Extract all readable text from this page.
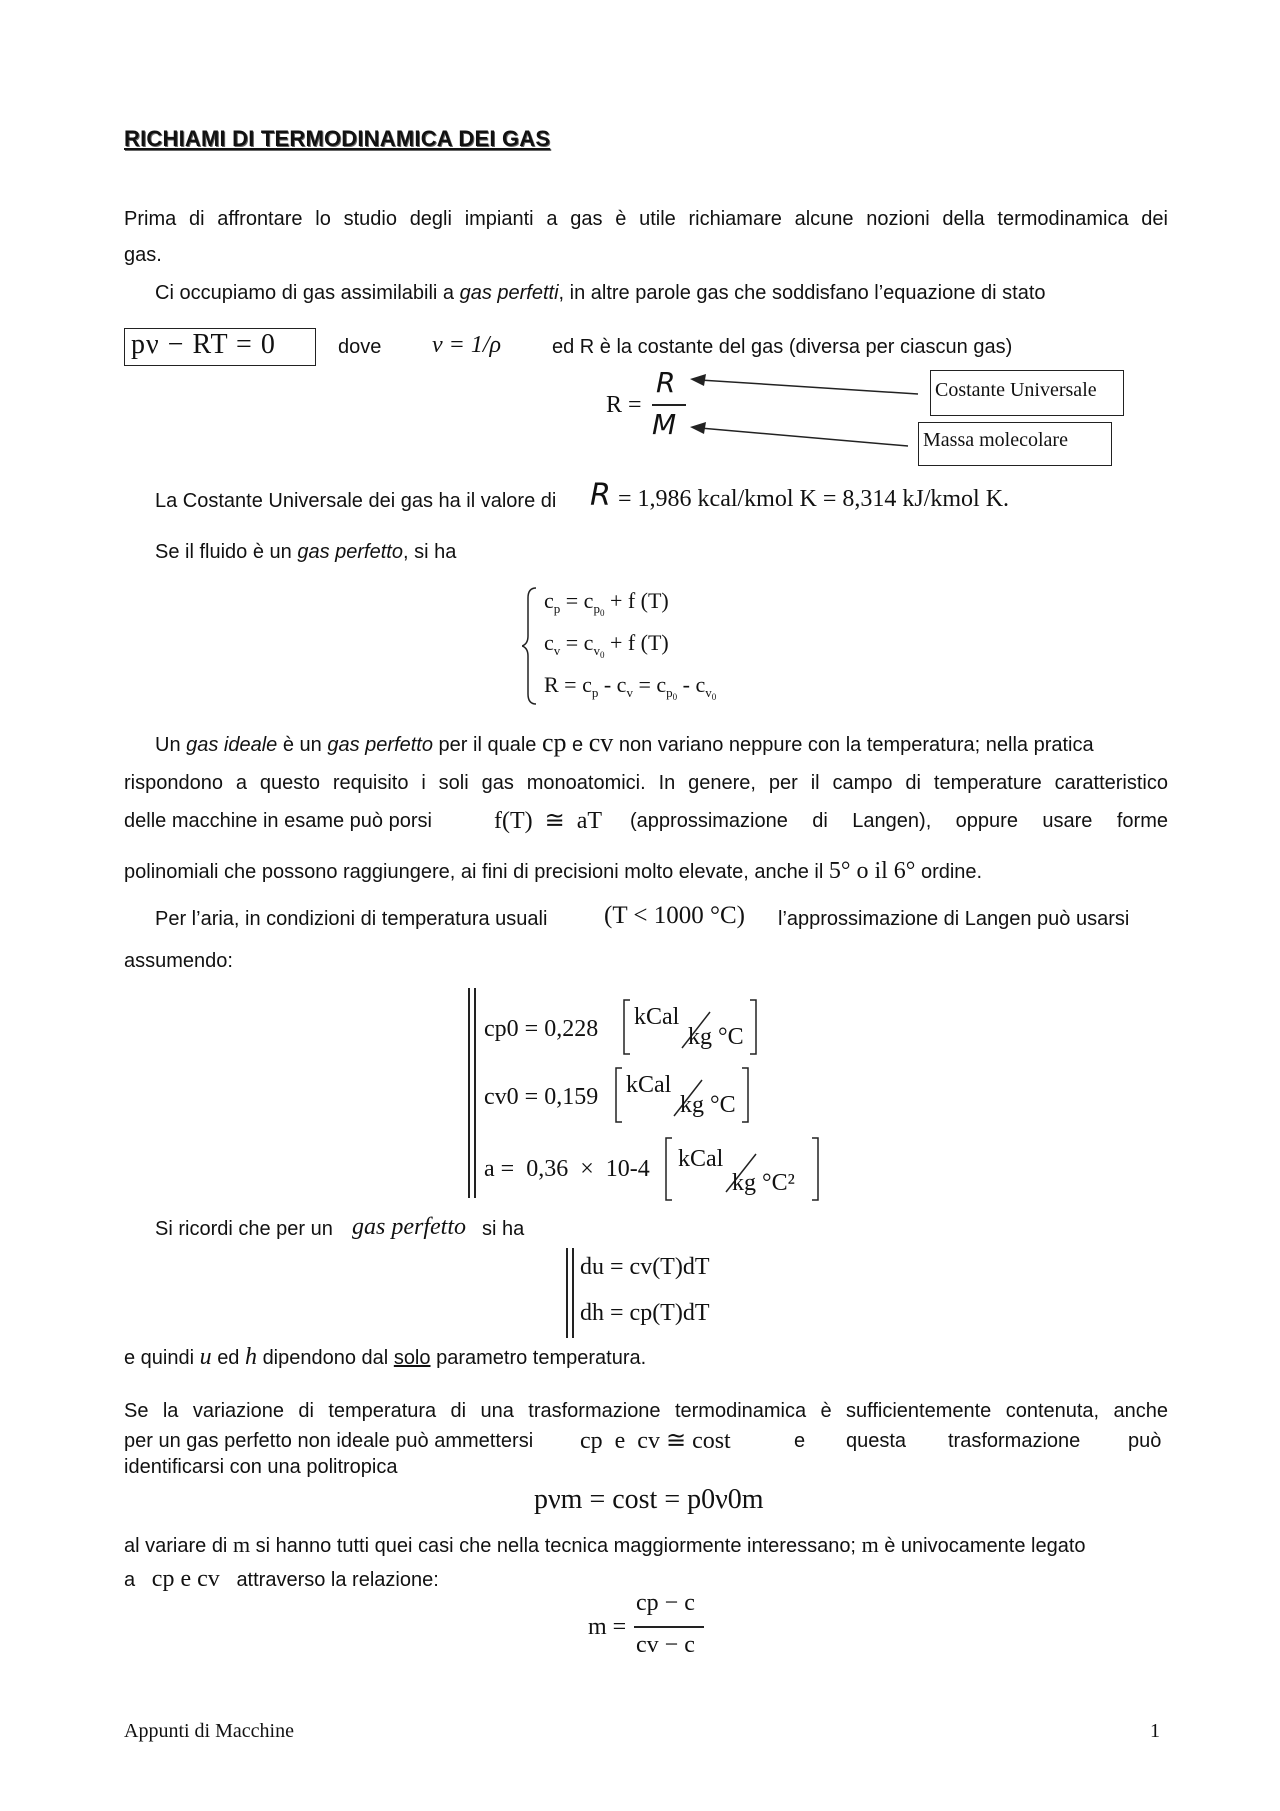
RICHIAMI DI TERMODINAMICA DEI GAS
Prima di affrontare lo studio degli impianti a gas è utile richiamare alcune nozioni della termodinamica dei
gas.
Ci occupiamo di gas assimilabili a gas perfetti, in altre parole gas che soddisfano l’equazione di stato
pν − RT = 0	dove v = 1/ρ	ed R è la costante del gas (diversa per ciascun gas)
R =
R
M
Costante Universale
Massa molecolare
La Costante Universale dei gas ha il valore di R = 1,986 kcal/kmol K = 8,314 kJ/kmol K.
Se il fluido è un gas perfetto, si ha
$c_p = c_p0 + f$ (T)
$c_v = c_v0 + f$ (T)
$R = c_p - c_v = c_p0 - c_v0$
Un gas ideale è un gas perfetto per il quale cp e cv non variano neppure con la temperatura; nella pratica
rispondono a questo requisito i soli gas monoatomici. In genere, per il campo di temperature caratteristico
delle macchine in esame può porsi	f(T)  ≅  aT (approssimazione di Langen), oppure usare forme
polinomiali che possono raggiungere, ai fini di precisioni molto elevate, anche il 5° o il 6° ordine.
Per l’aria, in condizioni di temperatura usuali (T < 1000 °C) l’approssimazione di Langen può usarsi
assumendo:
cp0 = 0,228 kCal
kg °C
cv0 = 0,159 kCal
kg °C
a =  0,36  ×  10-4 kCal
kg °C²
Si ricordi che per un gas perfetto si ha
du = cv(T)dT
dh = cp(T)dT
e quindi u ed h dipendono dal solo parametro temperatura.
Se la variazione di temperatura di una trasformazione termodinamica è sufficientemente contenuta, anche
per un gas perfetto non ideale può ammettersi cp  e  cv ≅ cost	e questa trasformazione può
identificarsi con una politropica
pνm = cost = p0ν0m
al variare di m si hanno tutti quei casi che nella tecnica maggiormente interessano; m è univocamente legato
a cp e cv attraverso la relazione:
m =
cp − c
cv − c
Appunti di Macchine	1
